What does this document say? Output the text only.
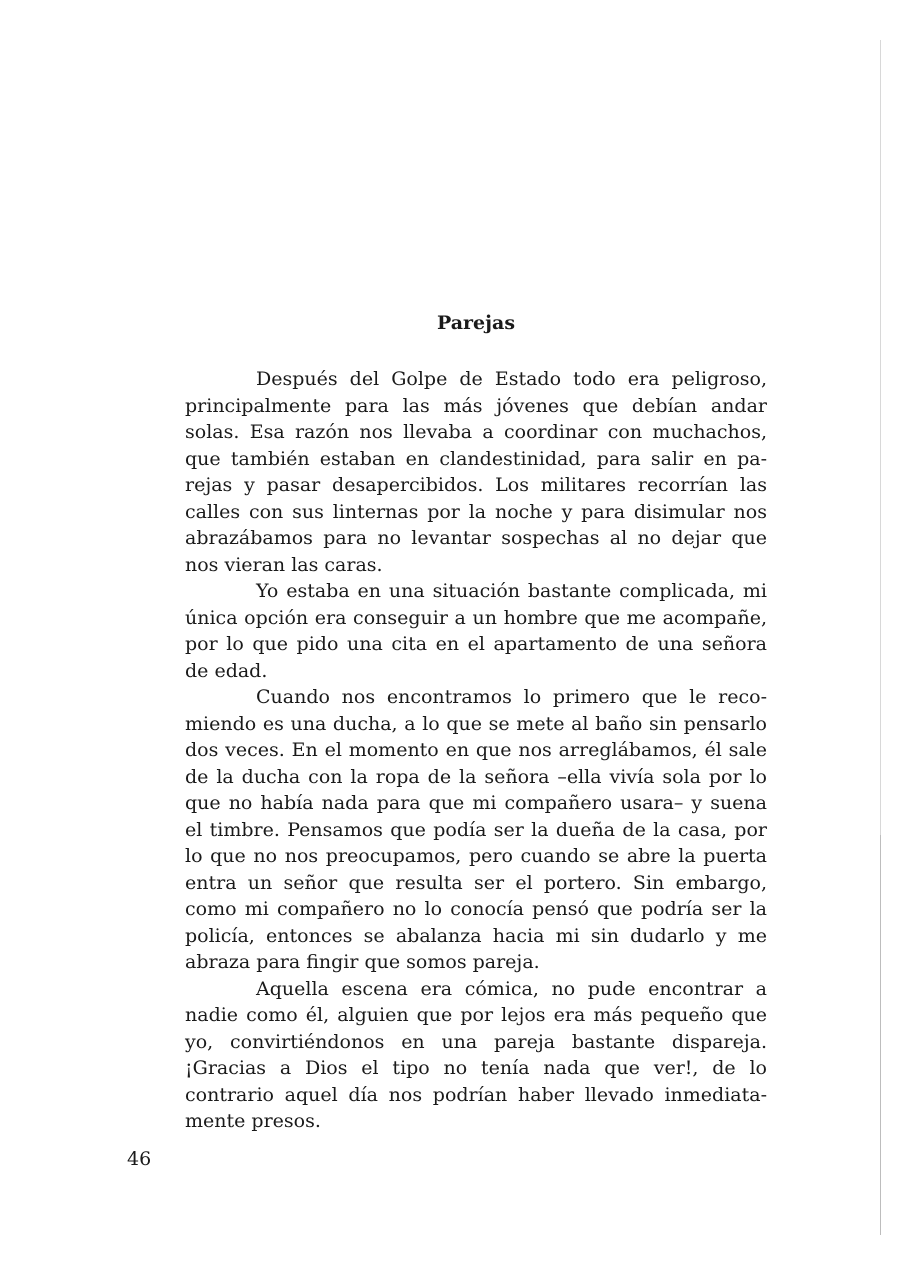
Parejas

Después del Golpe de Estado todo era peligroso, principalmente para las más jóvenes que debían andar solas. Esa razón nos llevaba a coordinar con muchachos, que también estaban en clandestinidad, para salir en parejas y pasar desapercibidos. Los militares recorrían las calles con sus linternas por la noche y para disimular nos abrazábamos para no levantar sospechas al no dejar que nos vieran las caras.

Yo estaba en una situación bastante complicada, mi única opción era conseguir a un hombre que me acompañe, por lo que pido una cita en el apartamento de una señora de edad.

Cuando nos encontramos lo primero que le recomiendo es una ducha, a lo que se mete al baño sin pensarlo dos veces. En el momento en que nos arreglábamos, él sale de la ducha con la ropa de la señora –ella vivía sola por lo que no había nada para que mi compañero usara– y suena el timbre. Pensamos que podía ser la dueña de la casa, por lo que no nos preocupamos, pero cuando se abre la puerta entra un señor que resulta ser el portero. Sin embargo, como mi compañero no lo conocía pensó que podría ser la policía, entonces se abalanza hacia mi sin dudarlo y me abraza para fingir que somos pareja.

Aquella escena era cómica, no pude encontrar a nadie como él, alguien que por lejos era más pequeño que yo, convirtiéndonos en una pareja bastante dispareja. ¡Gracias a Dios el tipo no tenía nada que ver!, de lo contrario aquel día nos podrían haber llevado inmediatamente presos.

46
